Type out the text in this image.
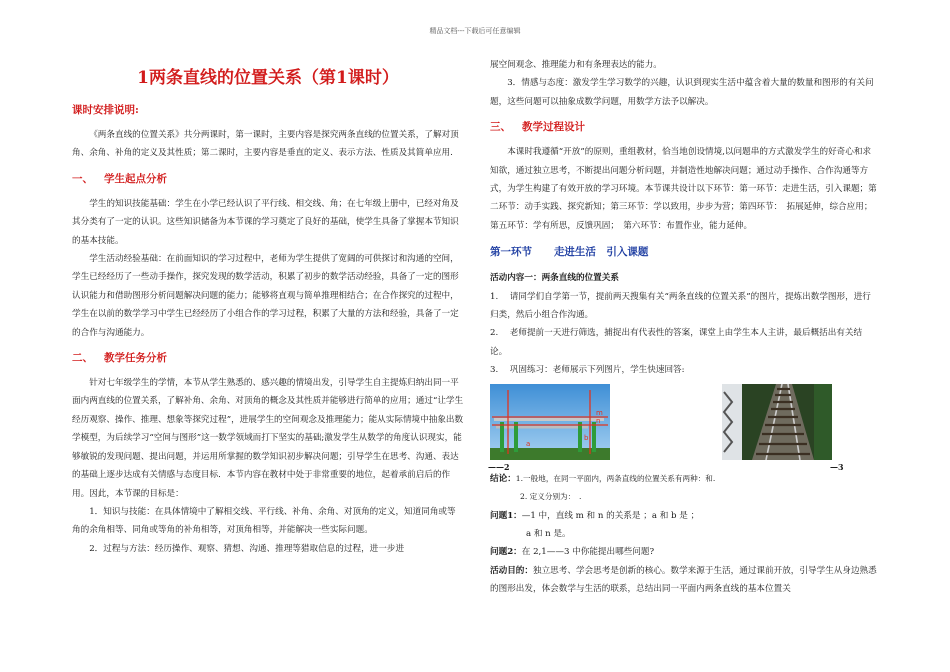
精品文档---下载后可任意编辑
1两条直线的位置关系（第1课时）
课时安排说明:

《两条直线的位置关系》共分两课时，第一课时，主要内容是探究两条直线的位置关系，了解对顶角、余角、补角的定义及其性质；第二课时，主要内容是垂直的定义、表示方法、性质及其简单应用.

一、 学生起点分析

学生的知识技能基础：学生在小学已经认识了平行线、相交线、角；在七年级上册中，已经对角及其分类有了一定的认识。这些知识储备为本节课的学习奠定了良好的基础，使学生具备了掌握本节知识的基本技能。

学生活动经验基础：在前面知识的学习过程中，老师为学生提供了宽阔的可供探讨和沟通的空间，学生已经经历了一些动手操作，探究发现的数学活动，积累了初步的数学活动经验，具备了一定的图形认识能力和借助图形分析问题解决问题的能力；能够将直观与简单推理相结合；在合作探究的过程中，学生在以前的数学学习中学生已经经历了小组合作的学习过程，积累了大量的方法和经验，具备了一定的合作与沟通能力。

二、 教学任务分析

针对七年级学生的学情，本节从学生熟悉的、感兴趣的情境出发，引导学生自主提炼归纳出同一平面内两直线的位置关系，了解补角、余角、对顶角的概念及其性质并能够进行简单的应用；通过“让学生经历观察、操作、推理、想象等探究过程”，进展学生的空间观念及推理能力；能从实际情境中抽象出数学模型，为后续学习“空间与图形”这一数学领域而打下坚实的基础;激发学生从数学的角度认识现实，能够敏锐的发现问题、提出问题，并运用所掌握的数学知识初步解决问题；引导学生在思考、沟通、表达的基础上逐步达成有关情感与态度目标．本节内容在教材中处于非常重要的地位，起着承前启后的作用。因此，本节课的目标是：

1．知识与技能：在具体情境中了解相交线、平行线、补角、余角、对顶角的定义，知道同角或等角的余角相等、同角或等角的补角相等，对顶角相等，并能解决一些实际问题。

2．过程与方法：经历操作、观察、猜想、沟通、推理等猎取信息的过程，进一步进

展空间观念、推理能力和有条理表达的能力。

3．情感与态度：激发学生学习数学的兴趣，认识到现实生活中蕴含着大量的数量和图形的有关问题，这些问题可以抽象成数学问题，用数学方法予以解决。

三、 教学过程设计

本课时我遵循“开放”的原则，重组教材，恰当地创设情境,以问题串的方式激发学生的好奇心和求知欲，通过独立思考，不断提出问题分析问题，并制造性地解决问题；通过动手操作、合作沟通等方式，为学生构建了有效开放的学习环境。本节课共设计以下环节：第一环节：走进生活，引入课题；第二环节：动手实践、探究新知；第三环节：学以致用，步步为营；第四环节：　拓展延伸，综合应用；第五环节：学有所思，反馈巩固；　第六环节：布置作业，能力延伸。

第一环节 走进生活　引入课题

活动内容一：两条直线的位置关系

1. 请同学们自学第一节，提前两天搜集有关“两条直线的位置关系”的图片，提炼出数学图形，进行归类，然后小组合作沟通。

2. 老师提前一天进行筛选，捕捉出有代表性的答案，课堂上由学生本人主讲，最后概括出有关结论。

3. 巩固练习：老师展示下列图片，学生快速回答:

a
b
m
n
——2	—3

结论：1.一般地，在同一平面内，两条直线的位置关系有两种：和.

2. 定义分别为：　.

问题1：—1 中，直线 m 和 n 的关系是 ；a 和 b 是 ；

a 和 n 是。

问题2：在 2,1——3 中你能提出哪些问题?

活动目的：独立思考、学会思考是创新的核心。数学来源于生活，通过课前开放，引导学生从身边熟悉的图形出发，体会数学与生活的联系，总结出同一平面内两条直线的基本位置关
